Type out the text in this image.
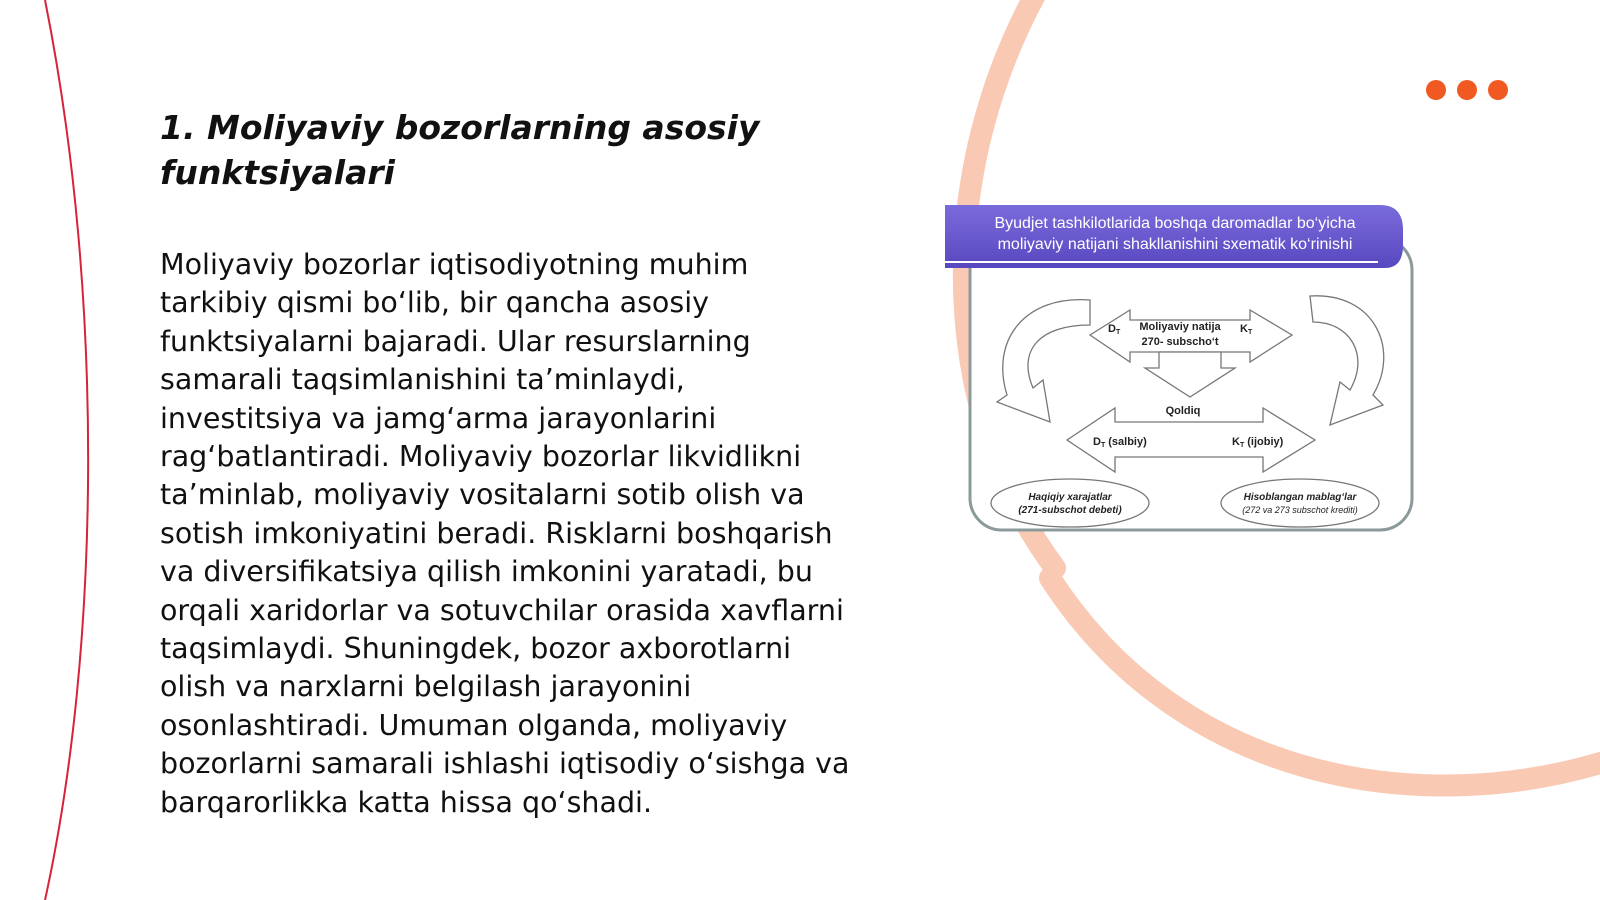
1. Moliyaviy bozorlarning asosiy funktsiyalari

Moliyaviy bozorlar iqtisodiyotning muhim tarkibiy qismi bo‘lib, bir qancha asosiy funktsiyalarni bajaradi. Ular resurslarning samarali taqsimlanishini ta’minlaydi, investitsiya va jamg‘arma jarayonlarini rag‘batlantiradi. Moliyaviy bozorlar likvidlikni ta’minlab, moliyaviy vositalarni sotib olish va sotish imkoniyatini beradi. Risklarni boshqarish va diversifikatsiya qilish imkonini yaratadi, bu orqali xaridorlar va sotuvchilar orasida xavflarni taqsimlaydi. Shuningdek, bozor axborotlarni olish va narxlarni belgilash jarayonini osonlashtiradi. Umuman olganda, moliyaviy bozorlarni samarali ishlashi iqtisodiy o‘sishga va barqarorlikka katta hissa qo‘shadi.

Byudjet tashkilotlarida boshqa daromadlar bo‘yicha
moliyaviy natijani shakllanishini sxematik ko‘rinishi
DT	KT
Moliyaviy natija
270- subscho‘t
Qoldiq
DT (salbiy)	KT (ijobiy)
Haqiqiy xarajatlar
(271-subschot debeti)
Hisoblangan mablag‘lar
(272 va 273 subschot krediti)
